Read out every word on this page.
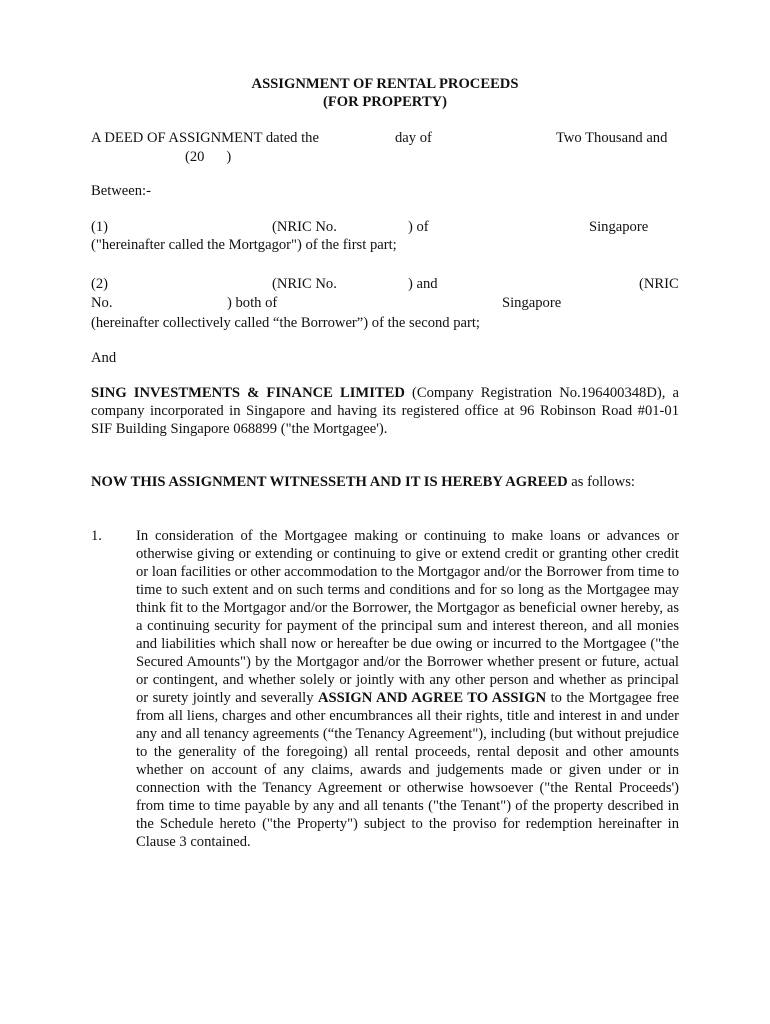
ASSIGNMENT OF RENTAL PROCEEDS
(FOR PROPERTY)
A DEED OF ASSIGNMENT dated the	day of	Two Thousand and
(20      )
Between:-
(1)	(NRIC No.	) of	Singapore
("hereinafter called the Mortgagor") of the first part;
(2)	(NRIC No.	) and	(NRIC
No.	) both of	Singapore
(hereinafter collectively called “the Borrower”) of the second part;
And
SING INVESTMENTS & FINANCE LIMITED (Company Registration No.196400348D), a company incorporated in Singapore and having its registered office at 96 Robinson Road #01-01 SIF Building Singapore 068899 ("the Mortgagee').
NOW THIS ASSIGNMENT WITNESSETH AND IT IS HEREBY AGREED as follows:
1. In consideration of the Mortgagee making or continuing to make loans or advances or otherwise giving or extending or continuing to give or extend credit or granting other credit or loan facilities or other accommodation to the Mortgagor and/or the Borrower from time to time to such extent and on such terms and conditions and for so long as the Mortgagee may think fit to the Mortgagor and/or the Borrower, the Mortgagor as beneficial owner hereby, as a continuing security for payment of the principal sum and interest thereon, and all monies and liabilities which shall now or hereafter be due owing or incurred to the Mortgagee ("the Secured Amounts") by the Mortgagor and/or the Borrower whether present or future, actual or contingent, and whether solely or jointly with any other person and whether as principal or surety jointly and severally ASSIGN AND AGREE TO ASSIGN to the Mortgagee free from all liens, charges and other encumbrances all their rights, title and interest in and under any and all tenancy agreements (“the Tenancy Agreement"), including (but without prejudice to the generality of the foregoing) all rental proceeds, rental deposit and other amounts whether on account of any claims, awards and judgements made or given under or in connection with the Tenancy Agreement or otherwise howsoever ("the Rental Proceeds') from time to time payable by any and all tenants ("the Tenant") of the property described in the Schedule hereto ("the Property") subject to the proviso for redemption hereinafter in Clause 3 contained.
